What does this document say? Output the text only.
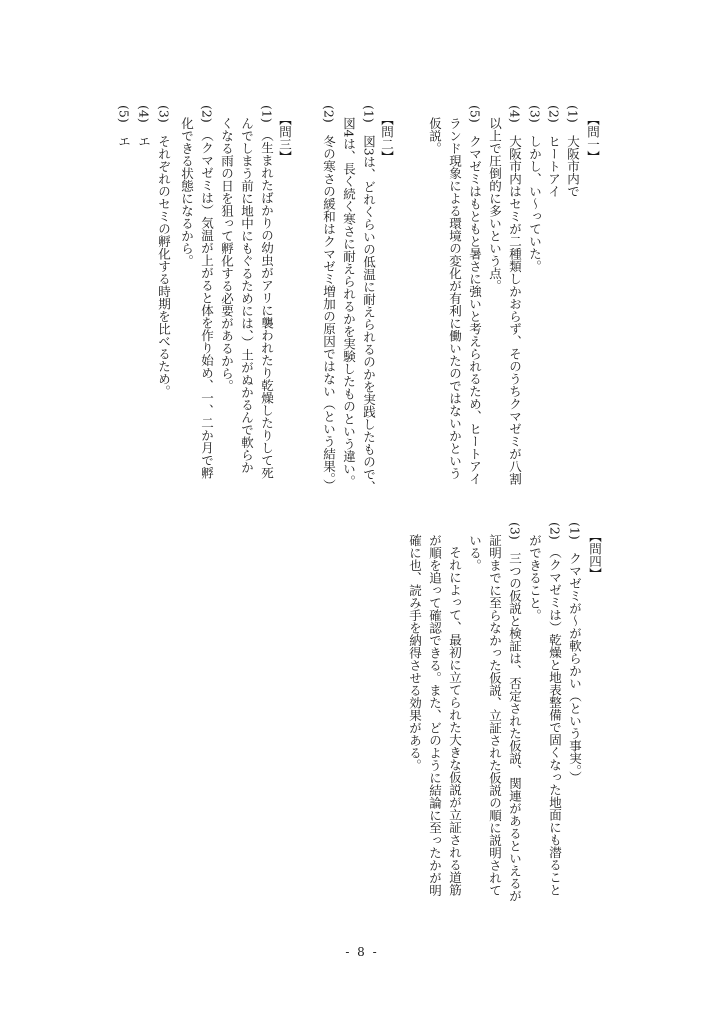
【問一】
(1)　大阪市内で
(2)　ヒートアイ
(3)　しかし、い〜っていた。
(4)　大阪市内はセミが二種類しかおらず、そのうちクマゼミが八割
以上で圧倒的に多いという点。
(5)　クマゼミはもともと暑さに強いと考えられるため、ヒートアイ
ランド現象による環境の変化が有利に働いたのではないかという
仮説。
【問二】
(1)　図3は、どれくらいの低温に耐えられるのかを実践したもので、
図4は、長く続く寒さに耐えられるかを実験したものという違い。
(2)　冬の寒さの緩和はクマゼミ増加の原因ではない（という結果。）
【問三】
(1)　（生まれたばかりの幼虫がアリに襲われたり乾燥したりして死
んでしまう前に地中にもぐるためには、）土がぬかるんで軟らか
くなる雨の日を狙って孵化する必要があるから。
(2)　（クマゼミは）気温が上がると体を作り始め、一、二か月で孵
化できる状態になるから。
(3)　それぞれのセミの孵化する時期を比べるため。
(4)　エ
(5)　エ
【問四】
(1)　クマゼミが〜が軟らかい（という事実。）
(2)　（クマゼミは）乾燥と地表整備で固くなった地面にも潜ること
ができること。
(3)　三つの仮説と検証は、否定された仮説、関連があるといえるが
証明までに至らなかった仮説、立証された仮説の順に説明されて
いる。
それによって、最初に立てられた大きな仮説が立証される道筋
が順を追って確認できる。また、どのように結論に至ったかが明
確に也、読み手を納得させる効果がある。
- 8 -
